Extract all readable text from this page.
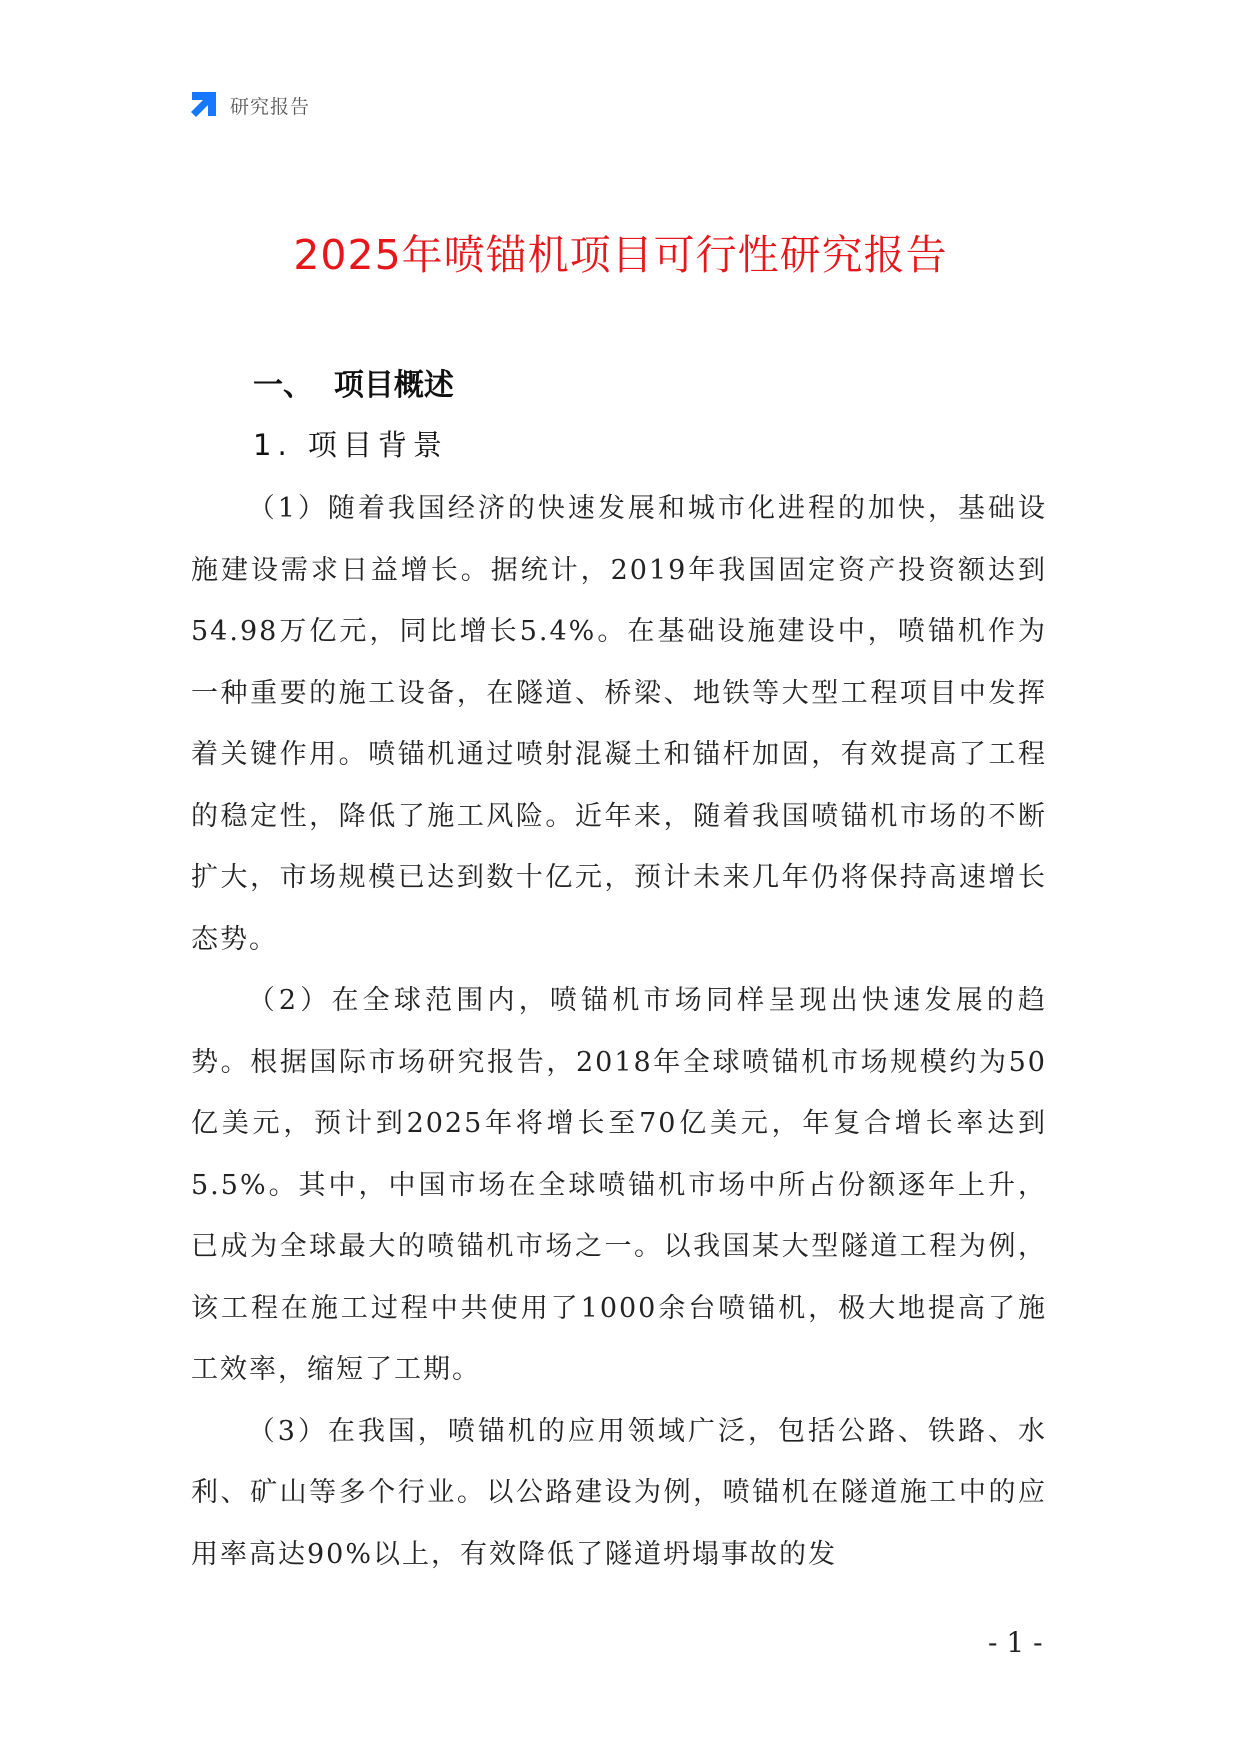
研究报告
2025年喷锚机项目可行性研究报告
一、  项目概述
1. 项目背景

（1）随着我国经济的快速发展和城市化进程的加快，基础设施建设需求日益增长。据统计，2019年我国固定资产投资额达到54.98万亿元，同比增长5.4%。在基础设施建设中，喷锚机作为一种重要的施工设备，在隧道、桥梁、地铁等大型工程项目中发挥着关键作用。喷锚机通过喷射混凝土和锚杆加固，有效提高了工程的稳定性，降低了施工风险。近年来，随着我国喷锚机市场的不断扩大，市场规模已达到数十亿元，预计未来几年仍将保持高速增长态势。

（2）在全球范围内，喷锚机市场同样呈现出快速发展的趋势。根据国际市场研究报告，2018年全球喷锚机市场规模约为50亿美元，预计到2025年将增长至70亿美元，年复合增长率达到5.5%。其中，中国市场在全球喷锚机市场中所占份额逐年上升，已成为全球最大的喷锚机市场之一。以我国某大型隧道工程为例，该工程在施工过程中共使用了1000余台喷锚机，极大地提高了施工效率，缩短了工期。

（3）在我国，喷锚机的应用领域广泛，包括公路、铁路、水利、矿山等多个行业。以公路建设为例，喷锚机在隧道施工中的应用率高达90%以上，有效降低了隧道坍塌事故的发

- 1 -
